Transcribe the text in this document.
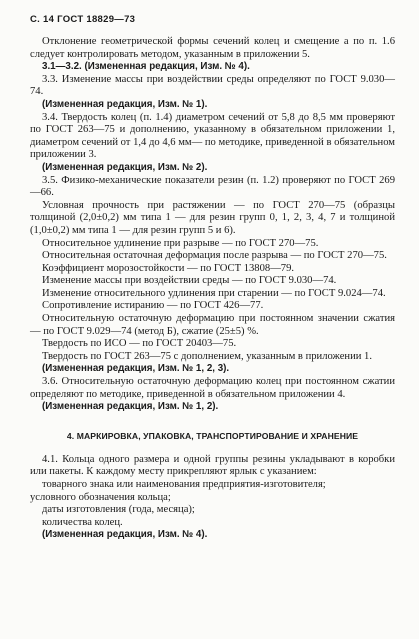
С. 14 ГОСТ 18829—73

Отклонение геометрической формы сечений колец и смещение а по п. 1.6 следует контролировать методом, указанным в приложении 5.

3.1—3.2. (Измененная редакция, Изм. № 4).

3.3. Изменение массы при воздействии среды определяют по ГОСТ 9.030—74.

(Измененная редакция, Изм. № 1).

3.4. Твердость колец (п. 1.4) диаметром сечений от 5,8 до 8,5 мм проверяют по ГОСТ 263—75 и дополнению, указанному в обязательном приложении 1, диаметром сечений от 1,4 до 4,6 мм— по методике, приведенной в обязательном приложении 3.

(Измененная редакция, Изм. № 2).

3.5. Физико-механические показатели резин (п. 1.2) проверяют по ГОСТ 269—66.

Условная прочность при растяжении — по ГОСТ 270—75 (образцы толщиной (2,0±0,2) мм типа 1 — для резин групп 0, 1, 2, 3, 4, 7 и толщиной (1,0±0,2) мм типа 1 — для резин групп 5 и 6).

Относительное удлинение при разрыве — по ГОСТ 270—75.

Относительная остаточная деформация после разрыва — по ГОСТ 270—75.

Коэффициент морозостойкости — по ГОСТ 13808—79.

Изменение массы при воздействии среды — по ГОСТ 9.030—74.

Изменение относительного удлинения при старении — по ГОСТ 9.024—74.

Сопротивление истиранию — по ГОСТ 426—77.

Относительную остаточную деформацию при постоянном значении сжатия — по ГОСТ 9.029—74 (метод Б), сжатие (25±5) %.

Твердость по ИСО — по ГОСТ 20403—75.

Твердость по ГОСТ 263—75 с дополнением, указанным в приложении 1.

(Измененная редакция, Изм. № 1, 2, 3).

3.6. Относительную остаточную деформацию колец при постоянном сжатии определяют по методике, приведенной в обязательном приложении 4.

(Измененная редакция, Изм. № 1, 2).

4. МАРКИРОВКА, УПАКОВКА, ТРАНСПОРТИРОВАНИЕ И ХРАНЕНИЕ

4.1. Кольца одного размера и одной группы резины укладывают в коробки или пакеты. К каждому месту прикрепляют ярлык с указанием:

товарного знака или наименования предприятия-изготовителя;

условного обозначения кольца;

даты изготовления (года, месяца);

количества колец.

(Измененная редакция, Изм. № 4).
